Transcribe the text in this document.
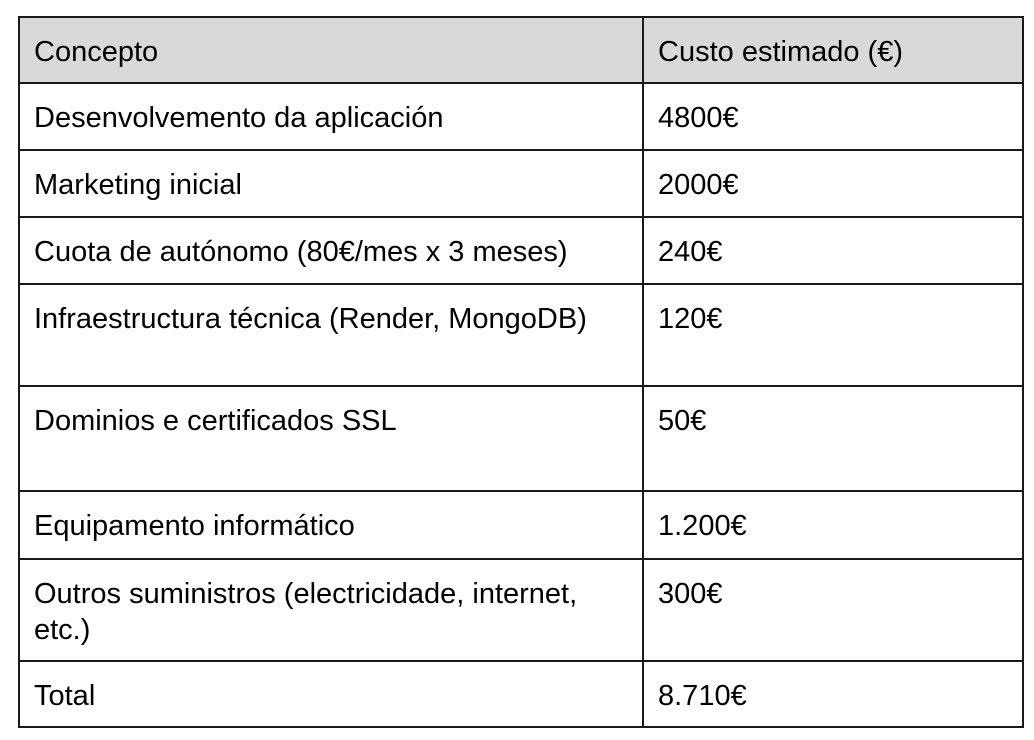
Concepto	Custo estimado (€)
Desenvolvemento da aplicación	4800€
Marketing inicial	2000€
Cuota de autónomo (80€/mes x 3 meses)	240€
Infraestructura técnica (Render, MongoDB)	120€
Dominios e certificados SSL	50€
Equipamento informático	1.200€
Outros suministros (electricidade, internet, etc.)	300€
Total	8.710€
